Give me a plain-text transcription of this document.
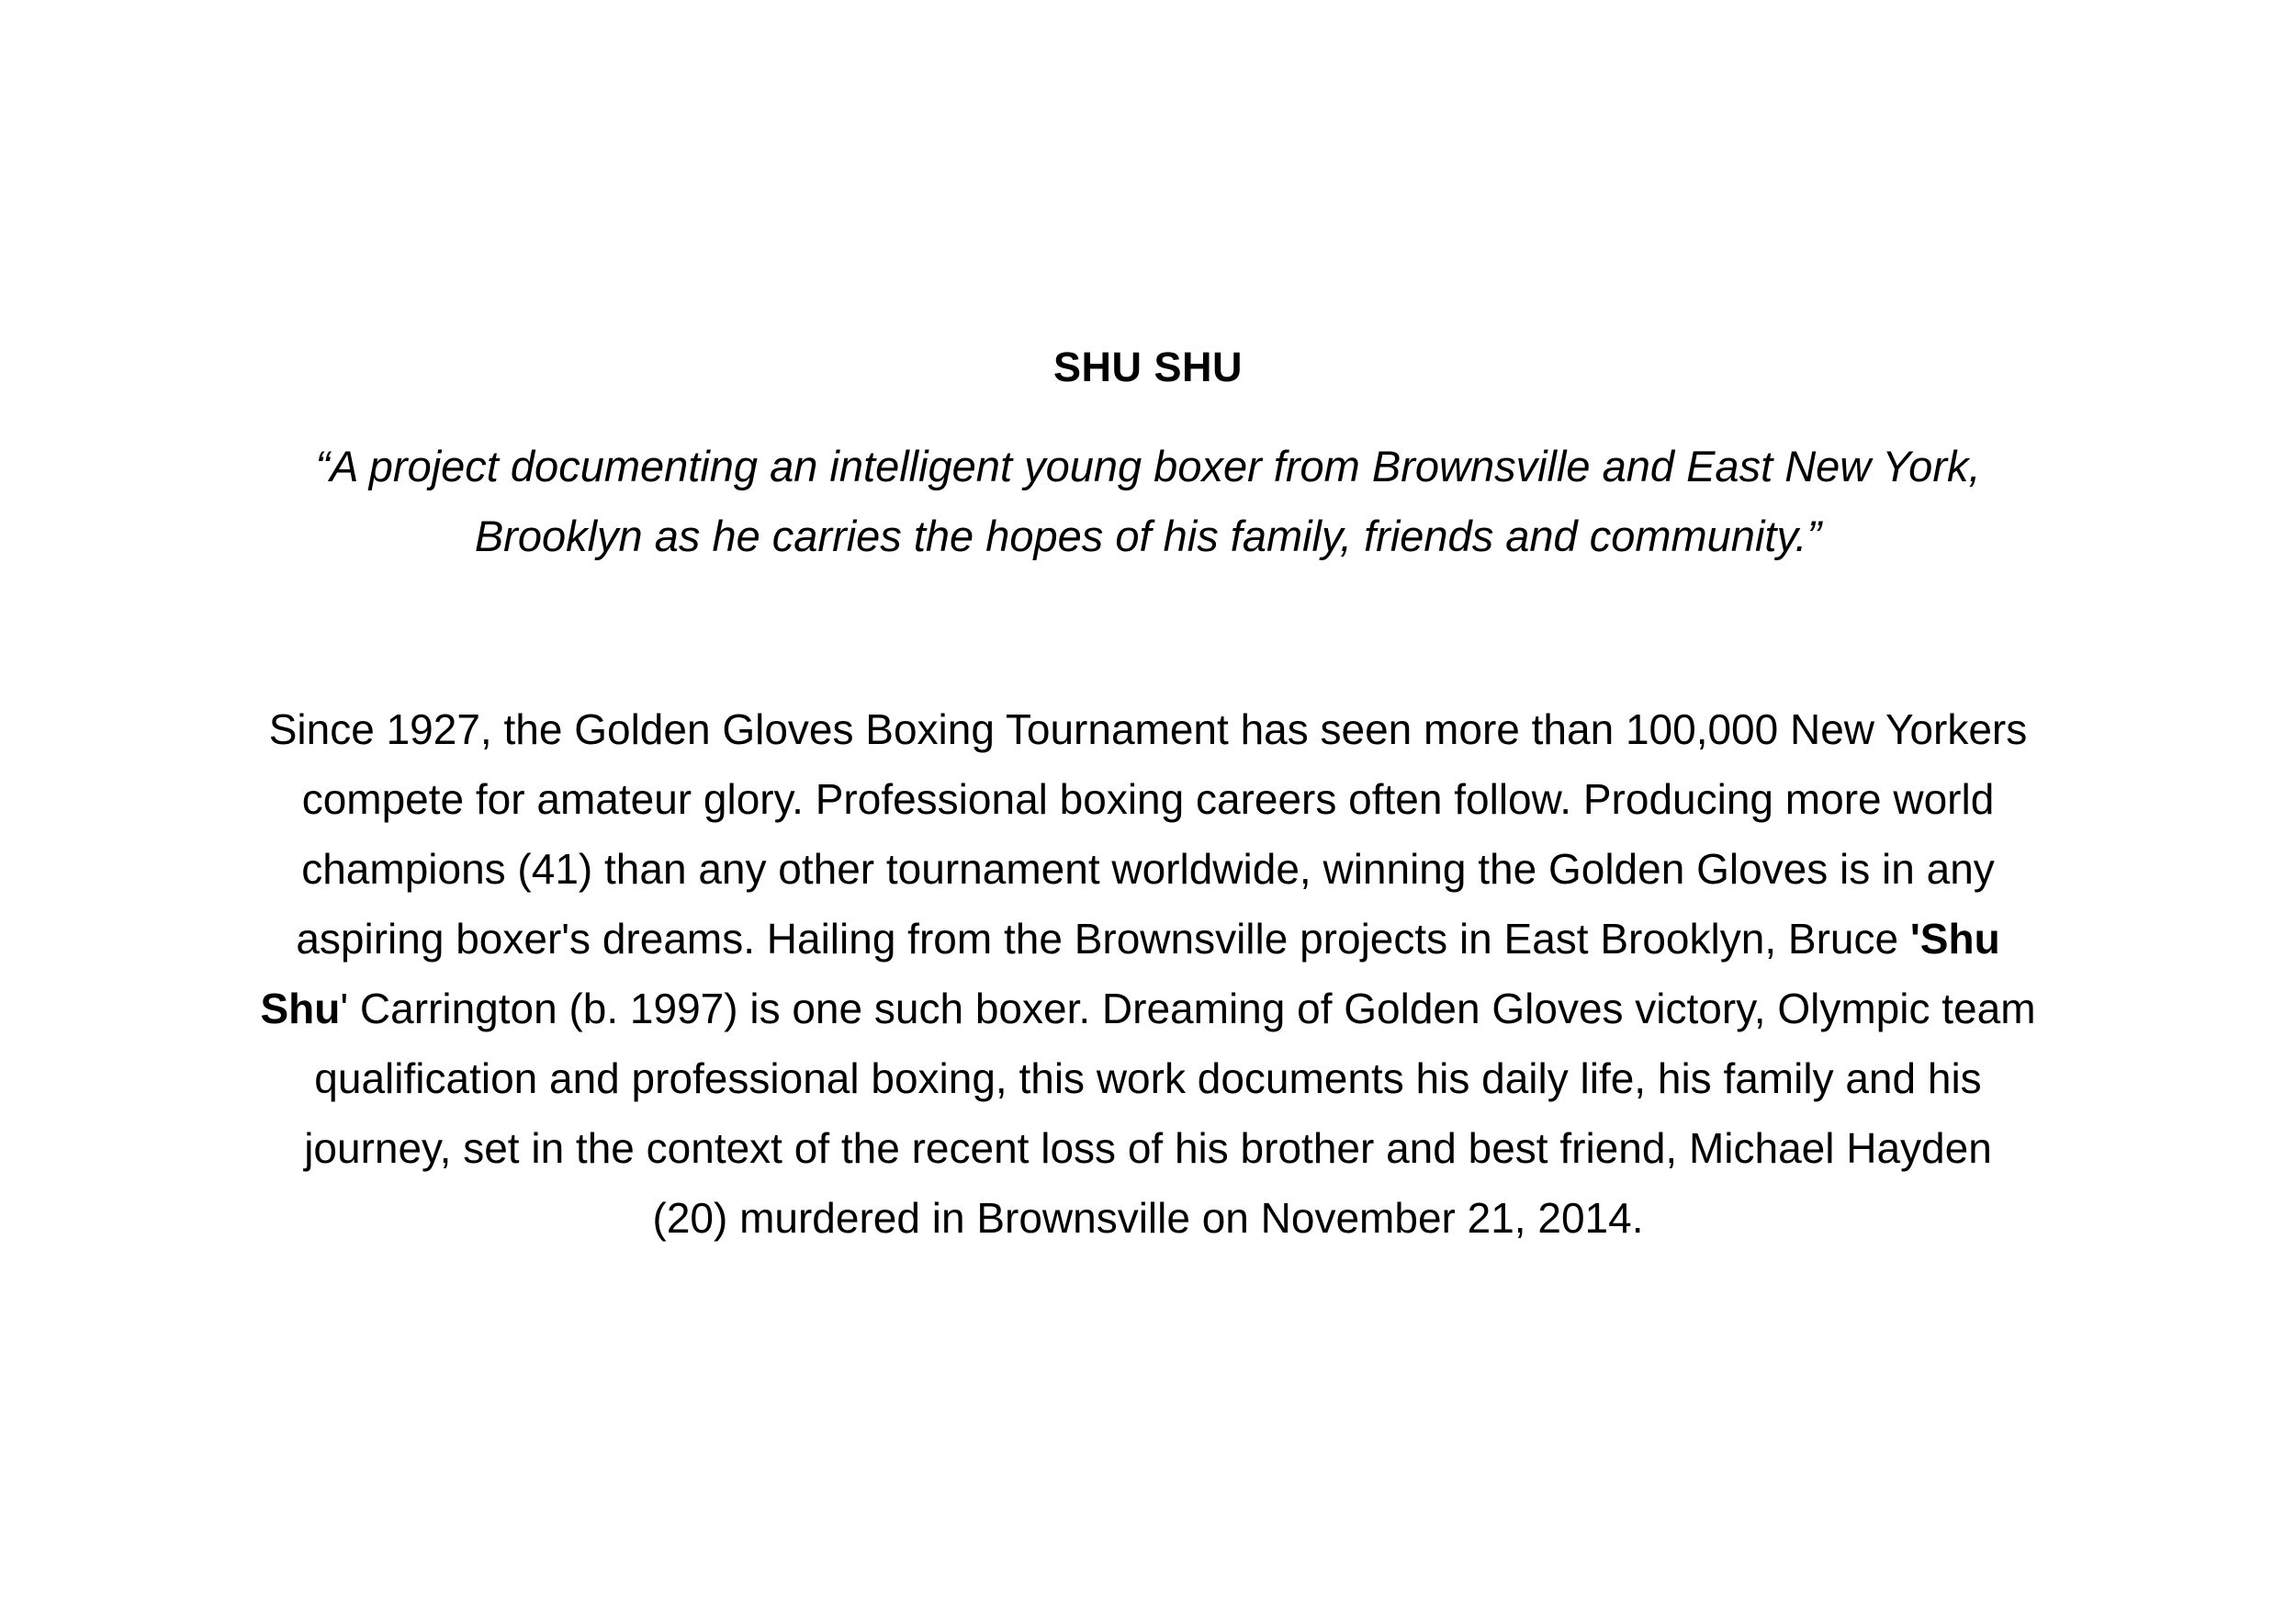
SHU SHU
“A project documenting an intelligent young boxer from Brownsville and East New York,
Brooklyn as he carries the hopes of his family, friends and community.”
Since 1927, the Golden Gloves Boxing Tournament has seen more than 100,000 New Yorkers
compete for amateur glory. Professional boxing careers often follow. Producing more world
champions (41) than any other tournament worldwide, winning the Golden Gloves is in any
aspiring boxer's dreams. Hailing from the Brownsville projects in East Brooklyn, Bruce 'Shu
Shu' Carrington (b. 1997) is one such boxer. Dreaming of Golden Gloves victory, Olympic team
qualification and professional boxing, this work documents his daily life, his family and his
journey, set in the context of the recent loss of his brother and best friend, Michael Hayden
(20) murdered in Brownsville on November 21, 2014.
